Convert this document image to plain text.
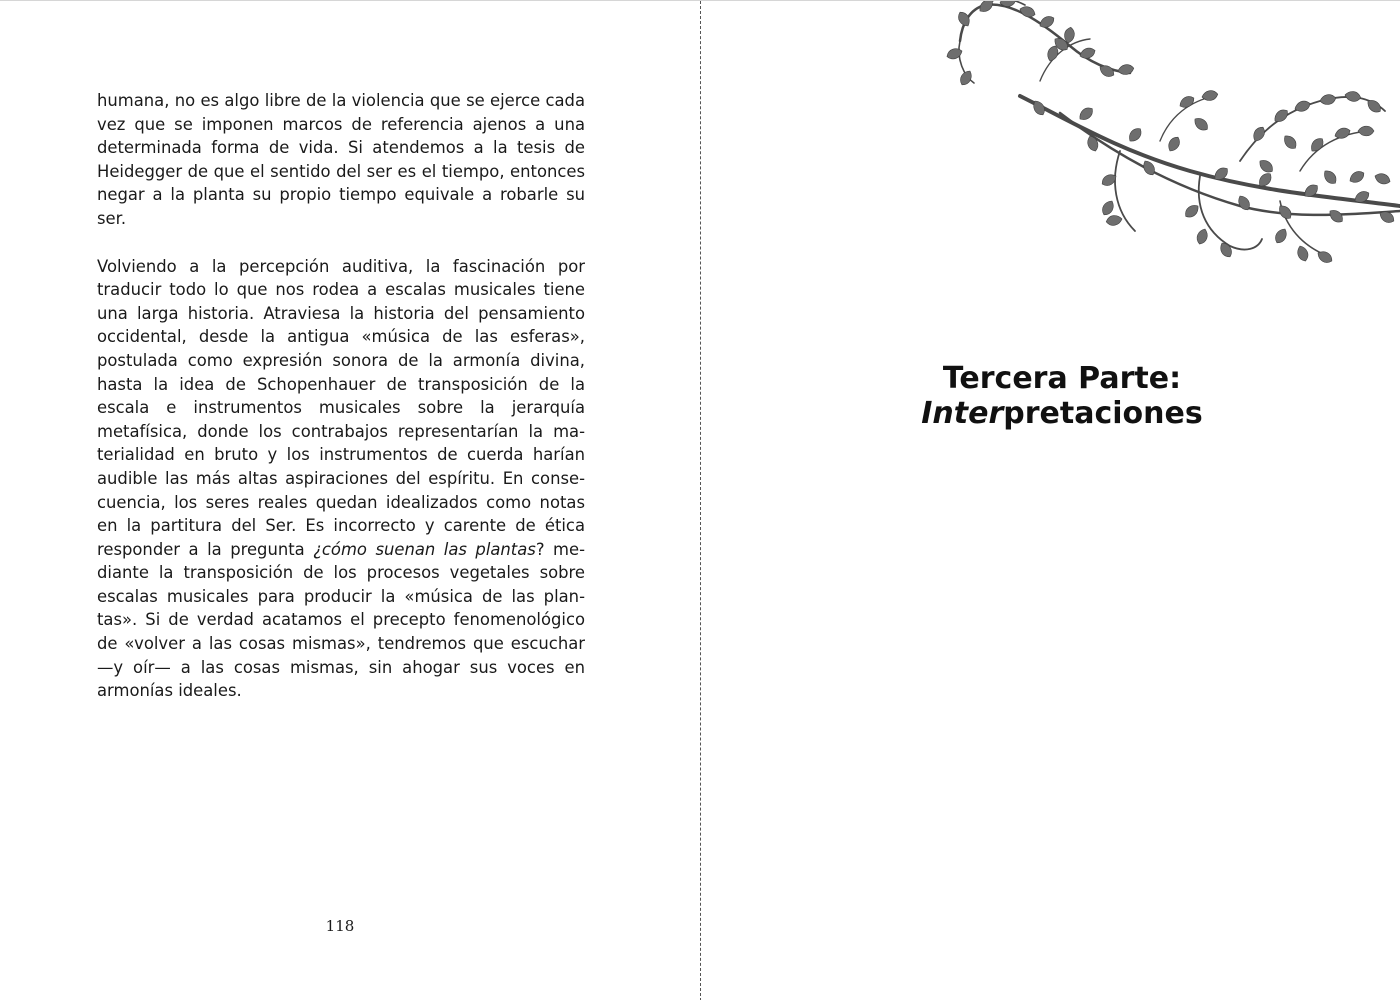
humana, no es algo libre de la violencia que se ejerce cada vez que se imponen marcos de referencia ajenos a una determinada forma de vida. Si atendemos a la tesis de Heidegger de que el sentido del ser es el tiempo, entonces negar a la planta su propio tiempo equivale a robarle su ser.

Volviendo a la percepción auditiva, la fascinación por traducir todo lo que nos rodea a escalas musicales tiene una larga historia. Atraviesa la historia del pensamiento occidental, desde la antigua «música de las esferas», postulada como expresión sonora de la armonía divina, hasta la idea de Schopenhauer de transposición de la escala e instrumentos musicales sobre la jerarquía metafísica, donde los contrabajos representarían la materialidad en bruto y los instrumentos de cuerda harían audible las más altas aspiraciones del espíritu. En consecuencia, los seres reales quedan idealizados como notas en la partitura del Ser. Es incorrecto y carente de ética responder a la pregunta ¿cómo suenan las plantas? mediante la transposición de los procesos vegetales sobre escalas musicales para producir la «música de las plantas». Si de verdad acatamos el precepto fenomenológico de «volver a las cosas mismas», tendremos que escuchar —y oír— a las cosas mismas, sin ahogar sus voces en armonías ideales.

118
Tercera Parte:
Interpretaciones
